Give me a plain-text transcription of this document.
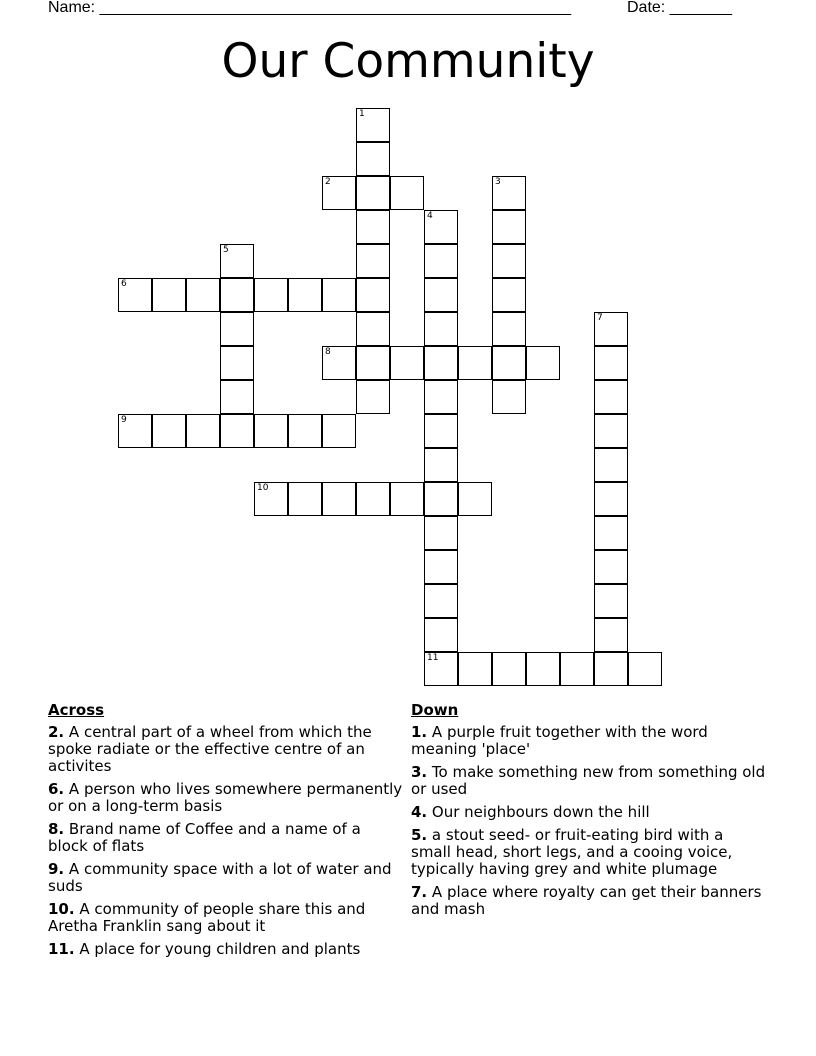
Name: _____________________________________________________	Date: _______
Our Community
1
2	3
4
5
6
7
8
9
10
11
Across
2. A central part of a wheel from which the spoke radiate or the effective centre of an activites
6. A person who lives somewhere permanently or on a long-term basis
8. Brand name of Coffee and a name of a block of flats
9. A community space with a lot of water and suds
10. A community of people share this and Aretha Franklin sang about it
11. A place for young children and plants
Down
1. A purple fruit together with the word meaning 'place'
3. To make something new from something old or used
4. Our neighbours down the hill
5. a stout seed- or fruit-eating bird with a small head, short legs, and a cooing voice, typically having grey and white plumage
7. A place where royalty can get their banners and mash
